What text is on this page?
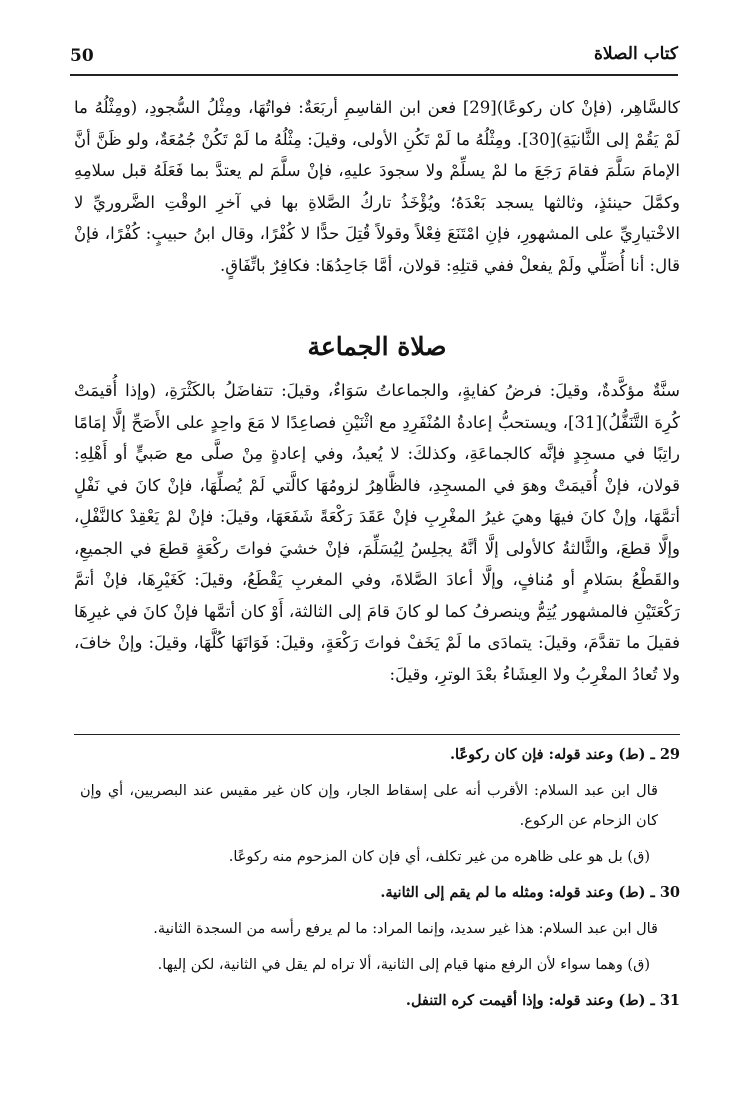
50	كتاب الصلاة

كالسَّاهِر، (فإنْ كان ركوعًا)[29] فعن ابن القاسِمِ أربَعَةٌ: فواتُهَا، ومِثْلُ السُّجودِ، (ومِثْلُهُ ما لَمْ يَقُمْ إلى الثَّانيَةِ)[30]. ومِثْلُهُ ما لَمْ تَكُنِ الأولى، وقيلَ: مِثْلُهُ ما لَمْ تَكُنْ جُمُعَةٌ، ولو ظَنَّ أنَّ الإمامَ سَلَّمَ فقامَ رَجَعَ ما لمْ يسلِّمْ ولا سجودَ عليهِ، فإنْ سلَّمَ لم يعتدَّ بما فَعَلَهُ قبل سلامِهِ وكمَّلَ حينئذٍ، وثالثها يسجد بَعْدَهُ؛ ويُؤْخَذُ تاركُ الصَّلاةِ بها في آخرِ الوقْتِ الضَّروريِّ لا الاخْتيارِيِّ على المشهورِ، فإنِ امْتَنَعَ فِعْلاً وقولاً قُتِلَ حدًّا لا كُفْرًا، وقال ابنُ حبيبٍ: كُفْرًا، فإنْ قال: أنا أُصَلِّي ولَمْ يفعلْ ففي قتلِهِ: قولان، أمَّا جَاحِدُهَا: فكافِرٌ باتِّفَاقٍ.

صلاة الجماعة

سنَّةٌ مؤكَّدةٌ، وقيلَ: فرضُ كفايةٍ، والجماعاتُ سَوَاءٌ، وقيلَ: تتفاضَلُ بالكَثْرَةِ، (وإذا أُقيمَتْ كُرِهَ التَّنَفُّلُ)[31]، ويستحبُّ إعادةُ المُنْفَرِدِ مع اثْنَيْنِ فصاعِدًا لا مَعَ واحِدٍ على الأَصَحِّ إلَّا إمَامًا راتِبًا في مسجِدٍ فإنَّه كالجماعَةِ، وكذلكَ: لا يُعيدُ، وفي إعادةٍ مِنْ صلَّى مع صَبيٍّ أو أَهْلِهِ: قولان، فإنْ أُقيمَتْ وهوَ في المسجِدِ، فالظَّاهِرُ لزومُهَا كالَّتي لَمْ يُصلِّهَا، فإنْ كانَ في نَفْلٍ أتمَّهَا، وإنْ كانَ فيهَا وهيَ غيرُ المغْرِبِ فإنْ عَقَدَ رَكْعَةً شَفَعَهَا، وقيلَ: فإنْ لمْ يَعْقِدْ كالنَّفْلِ، وإلَّا قطعَ، والثَّالثةُ كالأولى إلَّا أنَّهُ يجلِسُ لِيُسَلِّمَ، فإنْ خشيَ فواتَ ركْعَةٍ قطعَ في الجميعِ، والقَطْعُ بسَلامٍ أو مُنافٍ، وإلَّا أعادَ الصَّلاةَ، وفي المغربِ يَقْطَعُ، وقيلَ: كَغَيْرِهَا، فإنْ أتمَّ رَكْعَتَيْنِ فالمشهور يُتِمُّ وينصرفُ كما لو كانَ قامَ إلى الثالثة، أَوْ كان أتمَّها فإنْ كانَ في غيرِهَا فقيلَ ما تقدَّمَ، وقيلَ: يتمادَى ما لَمْ يَخَفْ فواتَ رَكْعَةٍ، وقيلَ: فَوَاتَهَا كُلَّهَا، وقيلَ: وإنْ خافَ، ولا تُعادُ المغْرِبُ ولا العِشَاءُ بعْدَ الوترِ، وقيلَ:

29 ـ (ط) وعند قوله: فإن كان ركوعًا.

قال ابن عبد السلام: الأقرب أنه على إسقاط الجار، وإن كان غير مقيس عند البصريين، أي وإن كان الزحام عن الركوع.

(ق) بل هو على ظاهره من غير تكلف، أي فإن كان المزحوم منه ركوعًا.

30 ـ (ط) وعند قوله: ومثله ما لم يقم إلى الثانية.

قال ابن عبد السلام: هذا غير سديد، وإنما المراد: ما لم يرفع رأسه من السجدة الثانية.

(ق) وهما سواء لأن الرفع منها قيام إلى الثانية، ألا تراه لم يقل في الثانية، لكن إليها.

31 ـ (ط) وعند قوله: وإذا أقيمت كره التنفل.
